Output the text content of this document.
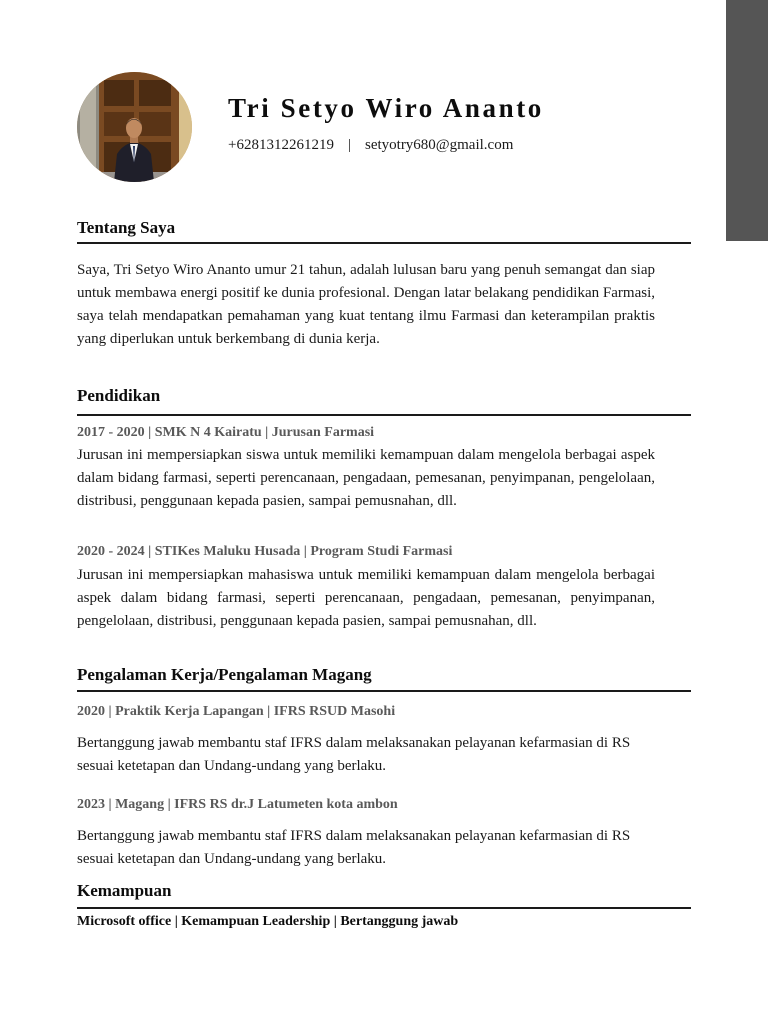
Tri Setyo Wiro Ananto
+6281312261219 | setyotry680@gmail.com
Tentang Saya
Saya, Tri Setyo Wiro Ananto umur 21 tahun, adalah lulusan baru yang penuh semangat dan siap untuk membawa energi positif ke dunia profesional. Dengan latar belakang pendidikan Farmasi, saya telah mendapatkan pemahaman yang kuat tentang ilmu Farmasi dan keterampilan praktis yang diperlukan untuk berkembang di dunia kerja.
Pendidikan
2017 - 2020 | SMK N 4 Kairatu | Jurusan Farmasi
Jurusan ini mempersiapkan siswa untuk memiliki kemampuan dalam mengelola berbagai aspek dalam bidang farmasi, seperti perencanaan, pengadaan, pemesanan, penyimpanan, pengelolaan, distribusi, penggunaan kepada pasien, sampai pemusnahan, dll.
2020 - 2024 | STIKes Maluku Husada | Program Studi Farmasi
Jurusan ini mempersiapkan mahasiswa untuk memiliki kemampuan dalam mengelola berbagai aspek dalam bidang farmasi, seperti perencanaan, pengadaan, pemesanan, penyimpanan, pengelolaan, distribusi, penggunaan kepada pasien, sampai pemusnahan, dll.
Pengalaman Kerja/Pengalaman Magang
2020 | Praktik Kerja Lapangan | IFRS RSUD Masohi
Bertanggung jawab membantu staf IFRS dalam melaksanakan pelayanan kefarmasian di RS sesuai ketetapan dan Undang-undang yang berlaku.
2023 | Magang | IFRS RS dr.J Latumeten kota ambon
Bertanggung jawab membantu staf IFRS dalam melaksanakan pelayanan kefarmasian di RS sesuai ketetapan dan Undang-undang yang berlaku.
Kemampuan
Microsoft office | Kemampuan Leadership | Bertanggung jawab
